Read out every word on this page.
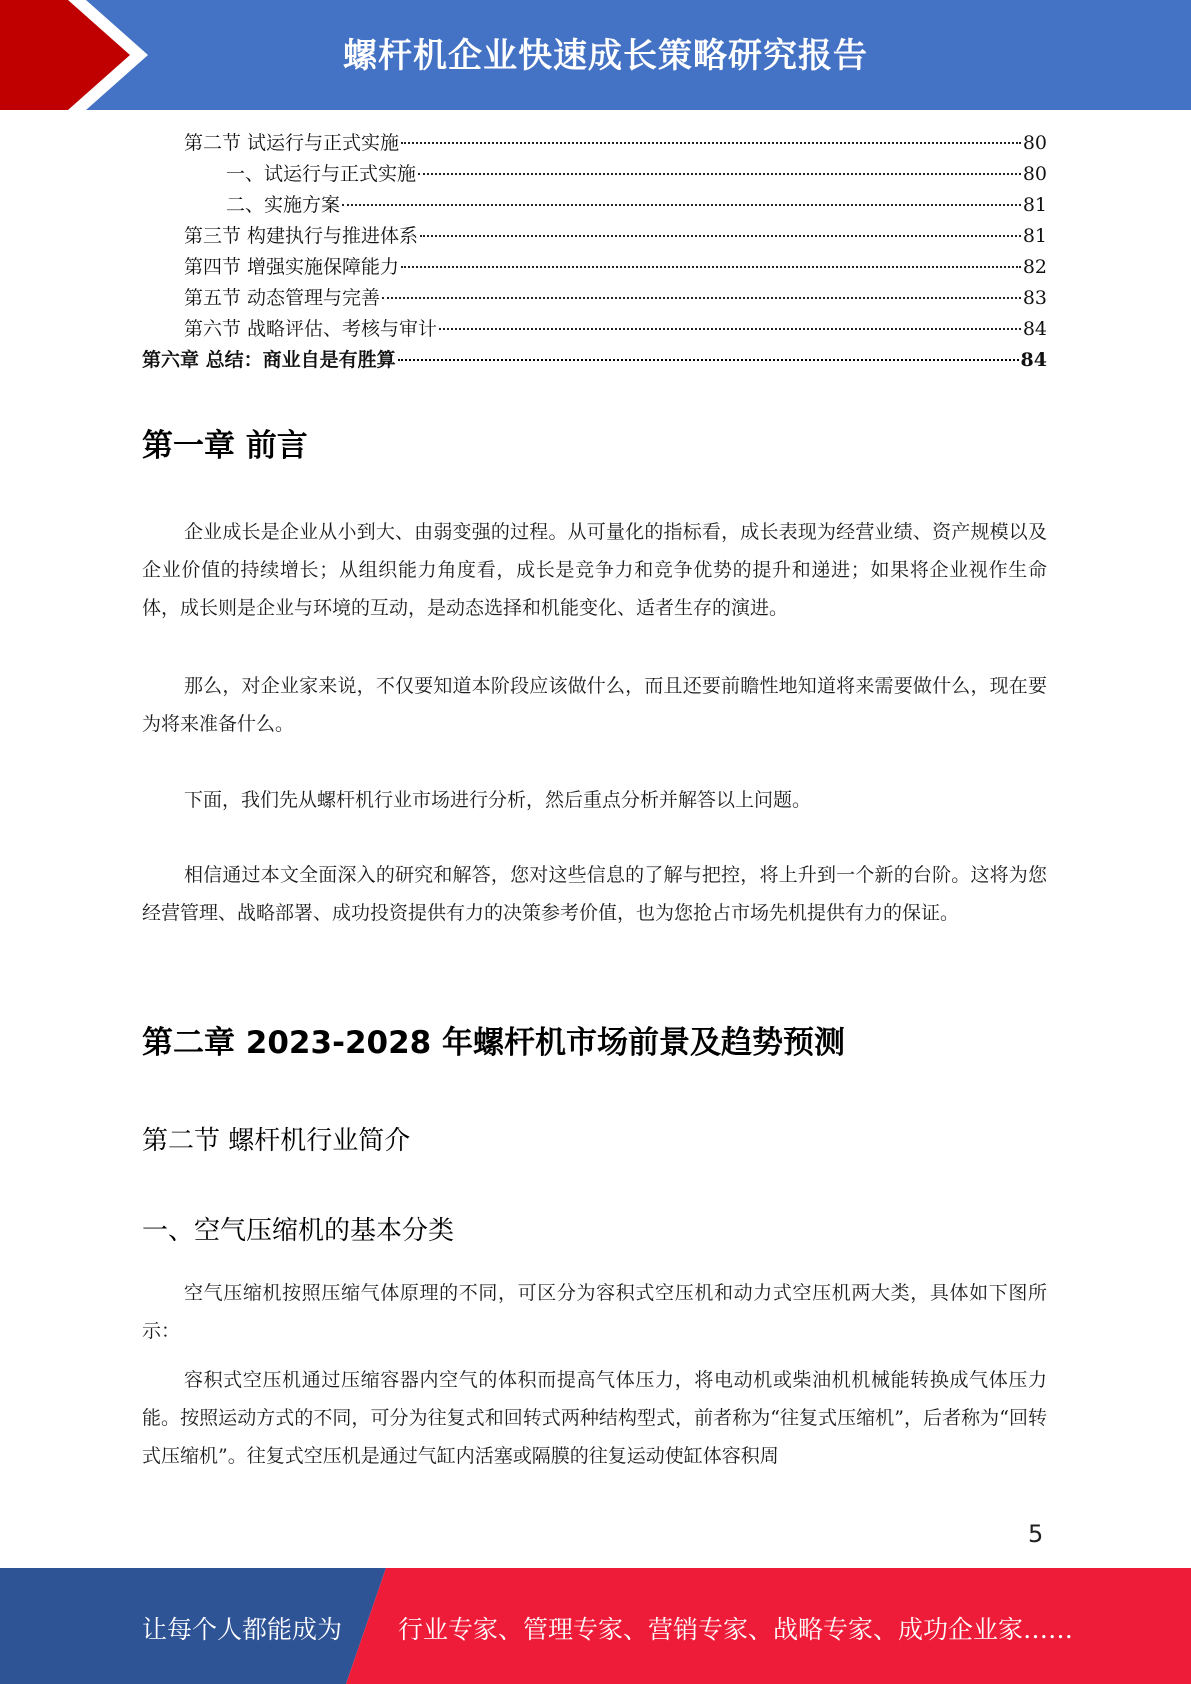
螺杆机企业快速成长策略研究报告
第二节 试运行与正式实施	80
一、试运行与正式实施	80
二、实施方案	81
第三节 构建执行与推进体系	81
第四节 增强实施保障能力	82
第五节 动态管理与完善	83
第六节 战略评估、考核与审计	84
第六章 总结：商业自是有胜算	84
第一章 前言

企业成长是企业从小到大、由弱变强的过程。从可量化的指标看，成长表现为经营业绩、资产规模以及企业价值的持续增长；从组织能力角度看，成长是竞争力和竞争优势的提升和递进；如果将企业视作生命体，成长则是企业与环境的互动，是动态选择和机能变化、适者生存的演进。

那么，对企业家来说，不仅要知道本阶段应该做什么，而且还要前瞻性地知道将来需要做什么，现在要为将来准备什么。

下面，我们先从螺杆机行业市场进行分析，然后重点分析并解答以上问题。

相信通过本文全面深入的研究和解答，您对这些信息的了解与把控，将上升到一个新的台阶。这将为您经营管理、战略部署、成功投资提供有力的决策参考价值，也为您抢占市场先机提供有力的保证。

第二章 2023-2028 年螺杆机市场前景及趋势预测
第二节 螺杆机行业简介
一、空气压缩机的基本分类

空气压缩机按照压缩气体原理的不同，可区分为容积式空压机和动力式空压机两大类，具体如下图所示：

容积式空压机通过压缩容器内空气的体积而提高气体压力，将电动机或柴油机机械能转换成气体压力能。按照运动方式的不同，可分为往复式和回转式两种结构型式，前者称为“往复式压缩机”，后者称为“回转式压缩机”。往复式空压机是通过气缸内活塞或隔膜的往复运动使缸体容积周

5
让每个人都能成为 行业专家、管理专家、营销专家、战略专家、成功企业家……
